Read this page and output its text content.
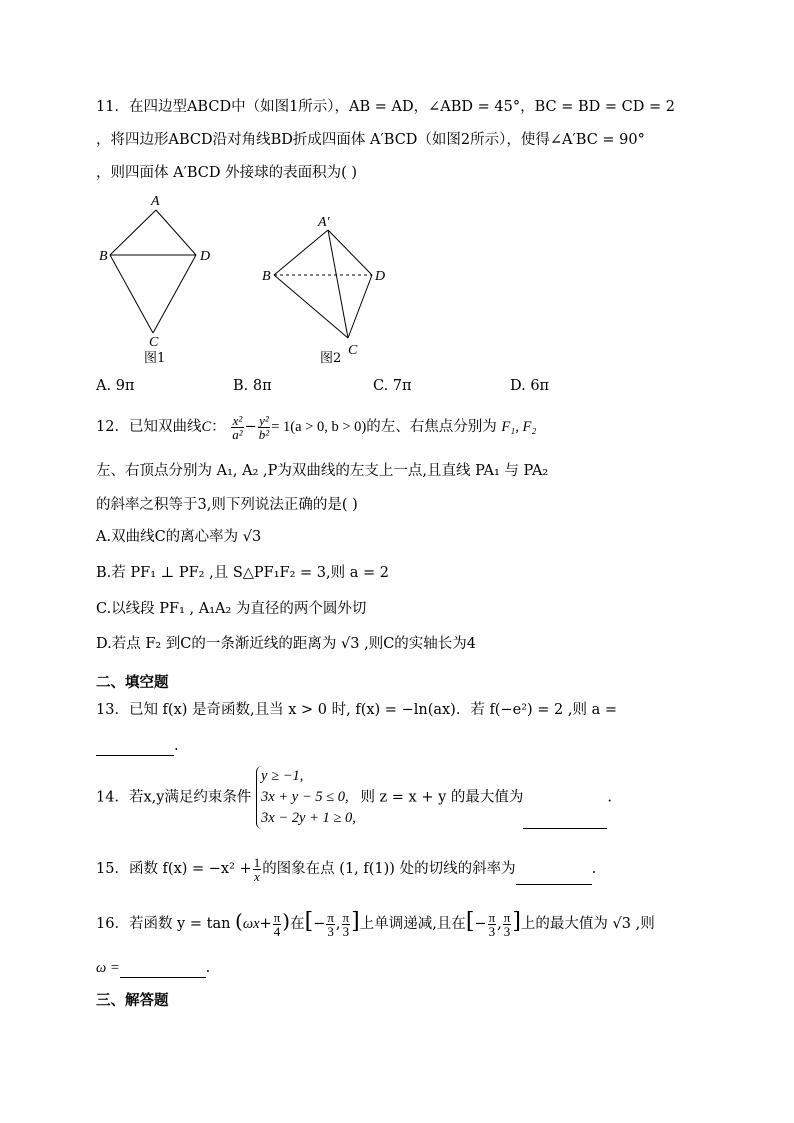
11．在四边型ABCD中（如图1所示），AB = AD，∠ABD = 45°，BC = BD = CD = 2
，将四边形ABCD沿对角线BD折成四面体 A′BCD（如图2所示），使得∠A′BC = 90°
，则四面体 A′BCD 外接球的表面积为( )
A
B	D
C
图1
A′
B	D
C
图2
A. 9π	B. 8π	C. 7π	D. 6π
12．已知双曲线C： $\frac{\text{x²}}{\text{a²}} - \frac{\text{y²}}{\text{b²}} = 1(a > 0$, b > 0)的左、右焦点分别为 F₁, F₂
左、右顶点分别为 A₁, A₂ ,P为双曲线的左支上一点,且直线 PA₁ 与 PA₂
的斜率之积等于3,则下列说法正确的是( )
A.双曲线C的离心率为 √3
B.若 PF₁ ⊥ PF₂ ,且 S△PF₁F₂ = 3,则 a = 2
C.以线段 PF₁ , A₁A₂ 为直径的两个圆外切
D.若点 F₂ 到C的一条渐近线的距离为 √3 ,则C的实轴长为4
二、填空题
13．已知 f(x) 是奇函数,且当 x > 0 时, f(x) = −ln(ax)．若 f(−e²) = 2 ,则 a =
.
14．若x,y满足约束条件
y ≥ −1,
3x + y − 5 ≤ 0,
3x − 2y + 1 ≥ 0,
则 z = x + y 的最大值为	.
15．函数 $f(x) = -x^2 + \frac{1}{x}$ 的图象在点 (1, f(1)) 处的切线的斜率为	.
16．若函数 $y = \tan (\omega x+ \frac{\pi}{4}$ )在[− $\frac{\pi}{3}$ , $\frac{\pi}{3}$ ]上单调递减,且在[− $\frac{\pi}{3}$ , $\frac{\pi}{3}$ ]上的最大值为 √3 ,则
ω =	.
三、解答题
